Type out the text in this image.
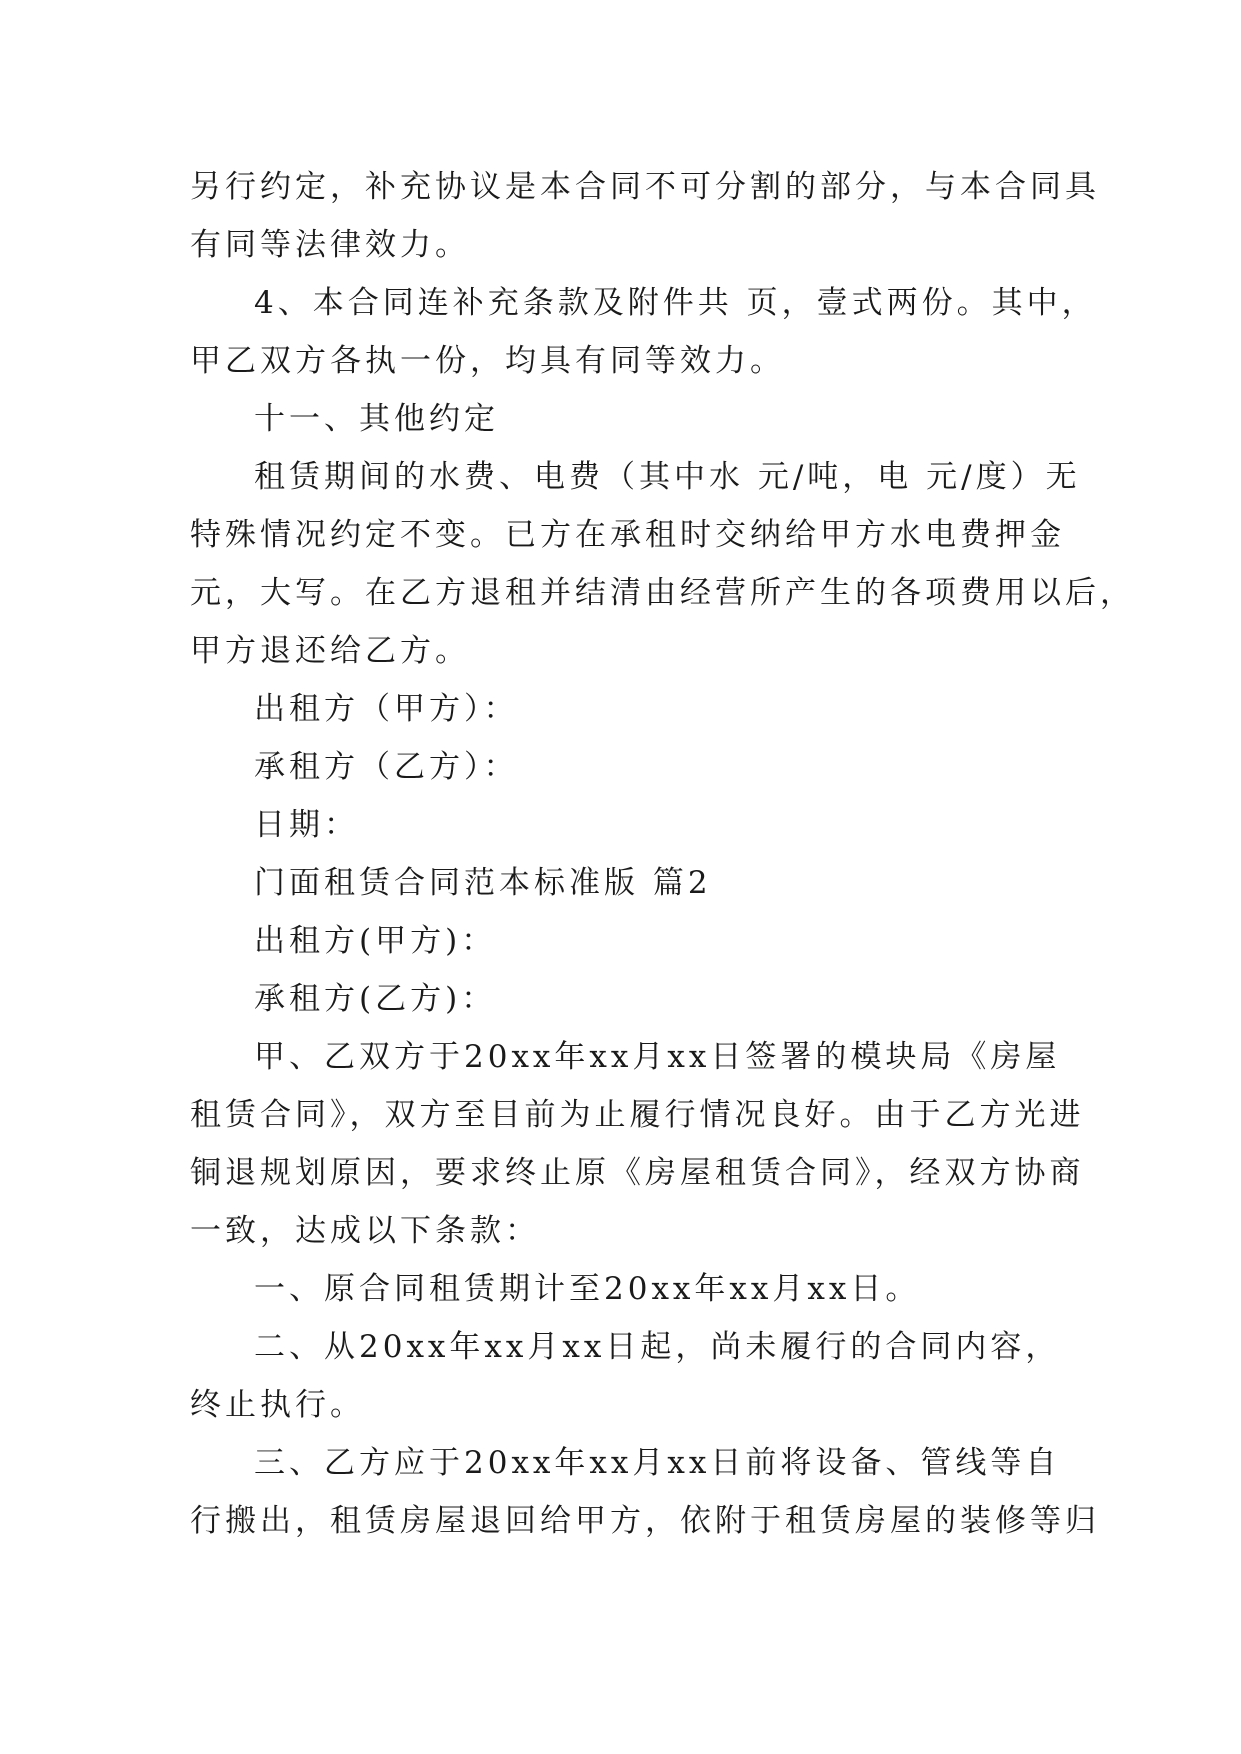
另行约定，补充协议是本合同不可分割的部分，与本合同具
有同等法律效力。
4、本合同连补充条款及附件共 页，壹式两份。其中，
甲乙双方各执一份，均具有同等效力。
十一、其他约定
租赁期间的水费、电费（其中水 元/吨，电 元/度）无
特殊情况约定不变。已方在承租时交纳给甲方水电费押金
元，大写。在乙方退租并结清由经营所产生的各项费用以后，
甲方退还给乙方。
出租方（甲方）：
承租方（乙方）：
日期：
门面租赁合同范本标准版 篇2
出租方(甲方)：
承租方(乙方)：
甲、乙双方于20xx年xx月xx日签署的模块局《房屋
租赁合同》，双方至目前为止履行情况良好。由于乙方光进
铜退规划原因，要求终止原《房屋租赁合同》，经双方协商
一致，达成以下条款：
一、原合同租赁期计至20xx年xx月xx日。
二、从20xx年xx月xx日起，尚未履行的合同内容，
终止执行。
三、乙方应于20xx年xx月xx日前将设备、管线等自
行搬出，租赁房屋退回给甲方，依附于租赁房屋的装修等归
